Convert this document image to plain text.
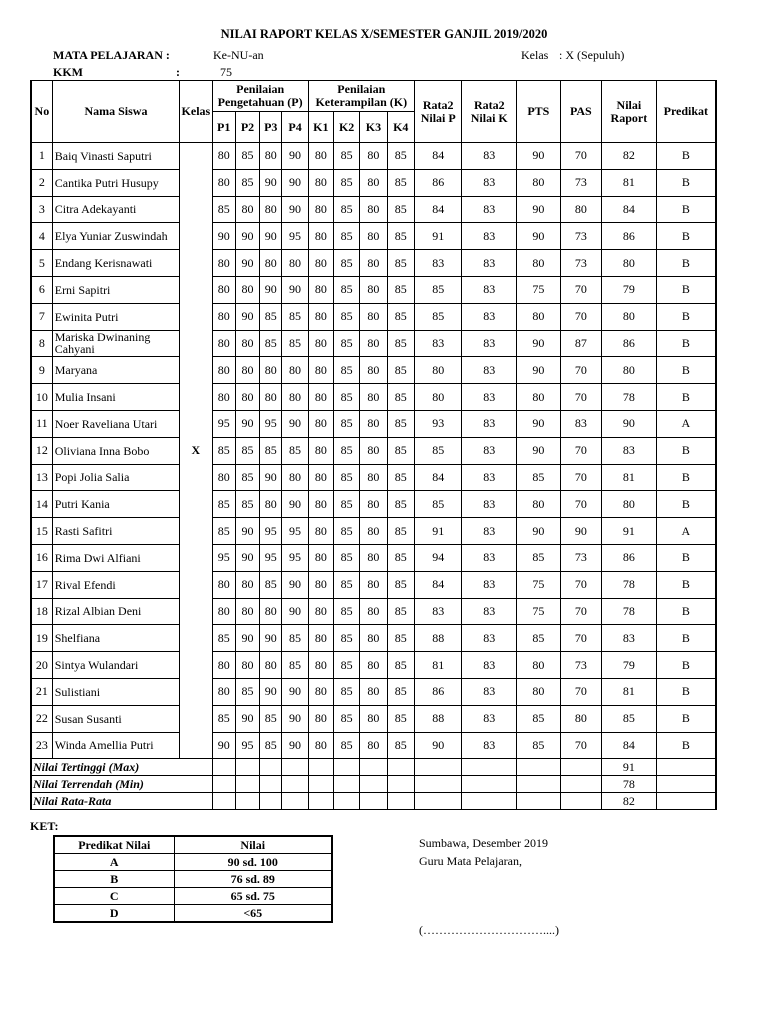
NILAI RAPORT KELAS X/SEMESTER GANJIL 2019/2020
MATA PELAJARAN :	Ke-NU-an
KKM	:	75
Kelas : X (Sepuluh)
No	Nama Siswa	Kelas	Penilaian Pengetahuan (P)				Penilaian Keterampilan (K)				Rata2 Nilai P	Rata2 Nilai K	PTS	PAS	Nilai Raport	Predikat
			P1	P2	P3	P4	K1	K2	K3	K4						
1	Baiq Vinasti Saputri		80	85	80	90	80	85	80	85	84	83	90	70	82	B
2	Cantika Putri Husupy		80	85	90	90	80	85	80	85	86	83	80	73	81	B
3	Citra Adekayanti		85	80	80	90	80	85	80	85	84	83	90	80	84	B
4	Elya Yuniar Zuswindah		90	90	90	95	80	85	80	85	91	83	90	73	86	B
5	Endang Kerisnawati		80	90	80	80	80	85	80	85	83	83	80	73	80	B
6	Erni Sapitri		80	80	90	90	80	85	80	85	85	83	75	70	79	B
7	Ewinita Putri		80	90	85	85	80	85	80	85	85	83	80	70	80	B
8	Mariska Dwinaning Cahyani		80	80	85	85	80	85	80	85	83	83	90	87	86	B
9	Maryana		80	80	80	80	80	85	80	85	80	83	90	70	80	B
10	Mulia Insani		80	80	80	80	80	85	80	85	80	83	80	70	78	B
11	Noer Raveliana Utari		95	90	95	90	80	85	80	85	93	83	90	83	90	A
12	Oliviana Inna Bobo	X	85	85	85	85	80	85	80	85	85	83	90	70	83	B
13	Popi Jolia Salia		80	85	90	80	80	85	80	85	84	83	85	70	81	B
14	Putri Kania		85	85	80	90	80	85	80	85	85	83	80	70	80	B
15	Rasti Safitri		85	90	95	95	80	85	80	85	91	83	90	90	91	A
16	Rima Dwi Alfiani		95	90	95	95	80	85	80	85	94	83	85	73	86	B
17	Rival Efendi		80	80	85	90	80	85	80	85	84	83	75	70	78	B
18	Rizal Albian Deni		80	80	80	90	80	85	80	85	83	83	75	70	78	B
19	Shelfiana		85	90	90	85	80	85	80	85	88	83	85	70	83	B
20	Sintya Wulandari		80	80	80	85	80	85	80	85	81	83	80	73	79	B
21	Sulistiani		80	85	90	90	80	85	80	85	86	83	80	70	81	B
22	Susan Susanti		85	90	85	90	80	85	80	85	88	83	85	80	85	B
23	Winda Amellia Putri		90	95	85	90	80	85	80	85	90	83	85	70	84	B
Nilai Tertinggi (Max)															91	
Nilai Terrendah (Min)															78	
Nilai Rata-Rata															82	
KET:
Predikat Nilai	Nilai
A	90 sd. 100
B	76 sd. 89
C	65 sd. 75
D	<65
Sumbawa, Desember 2019
Guru Mata Pelajaran,
(…………………………....)
